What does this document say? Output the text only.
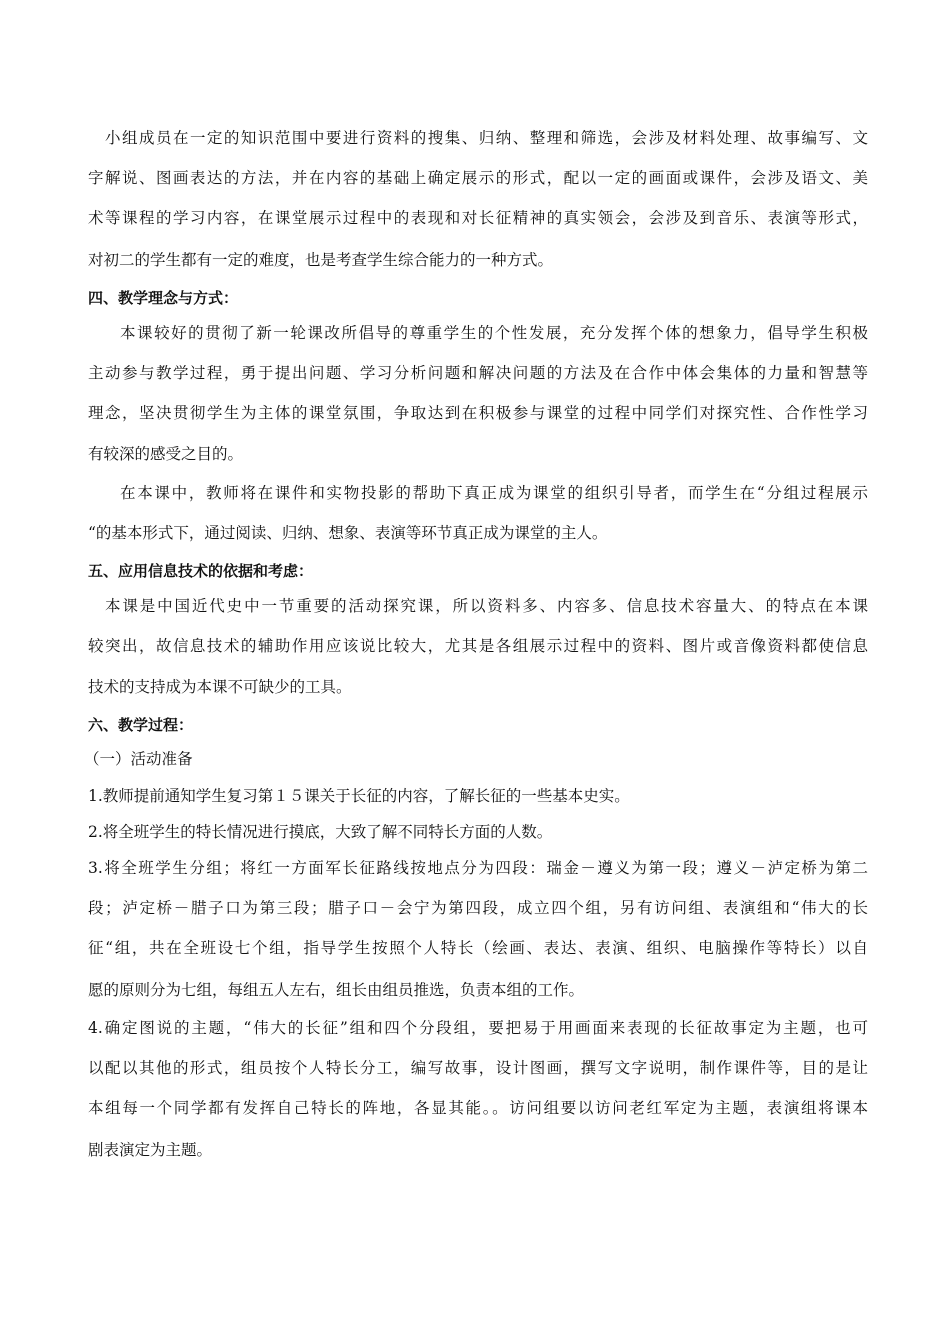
小组成员在一定的知识范围中要进行资料的搜集、归纳、整理和筛选，会涉及材料处理、故事编写、文
字解说、图画表达的方法，并在内容的基础上确定展示的形式，配以一定的画面或课件，会涉及语文、美
术等课程的学习内容，在课堂展示过程中的表现和对长征精神的真实领会，会涉及到音乐、表演等形式，
对初二的学生都有一定的难度，也是考查学生综合能力的一种方式。
四、教学理念与方式：
本课较好的贯彻了新一轮课改所倡导的尊重学生的个性发展，充分发挥个体的想象力，倡导学生积极
主动参与教学过程，勇于提出问题、学习分析问题和解决问题的方法及在合作中体会集体的力量和智慧等
理念，坚决贯彻学生为主体的课堂氛围，争取达到在积极参与课堂的过程中同学们对探究性、合作性学习
有较深的感受之目的。
在本课中，教师将在课件和实物投影的帮助下真正成为课堂的组织引导者，而学生在“分组过程展示
“的基本形式下，通过阅读、归纳、想象、表演等环节真正成为课堂的主人。
五、应用信息技术的依据和考虑：
本课是中国近代史中一节重要的活动探究课，所以资料多、内容多、信息技术容量大、的特点在本课
较突出，故信息技术的辅助作用应该说比较大，尤其是各组展示过程中的资料、图片或音像资料都使信息
技术的支持成为本课不可缺少的工具。
六、教学过程：
（一）活动准备
1.教师提前通知学生复习第１５课关于长征的内容，了解长征的一些基本史实。
2.将全班学生的特长情况进行摸底，大致了解不同特长方面的人数。
3.将全班学生分组；将红一方面军长征路线按地点分为四段：瑞金－遵义为第一段；遵义－泸定桥为第二
段；泸定桥－腊子口为第三段；腊子口－会宁为第四段，成立四个组，另有访问组、表演组和“伟大的长
征“组，共在全班设七个组，指导学生按照个人特长（绘画、表达、表演、组织、电脑操作等特长）以自
愿的原则分为七组，每组五人左右，组长由组员推选，负责本组的工作。
4.确定图说的主题，“伟大的长征”组和四个分段组，要把易于用画面来表现的长征故事定为主题，也可
以配以其他的形式，组员按个人特长分工，编写故事，设计图画，撰写文字说明，制作课件等，目的是让
本组每一个同学都有发挥自己特长的阵地，各显其能。。访问组要以访问老红军定为主题，表演组将课本
剧表演定为主题。
